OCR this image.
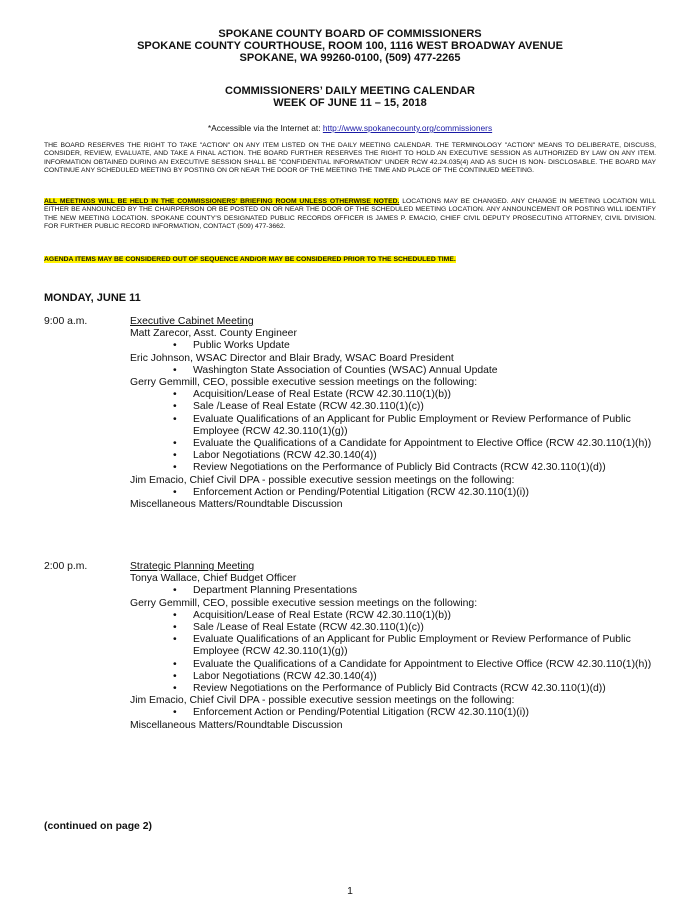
SPOKANE COUNTY BOARD OF COMMISSIONERS
SPOKANE COUNTY COURTHOUSE, ROOM 100, 1116 WEST BROADWAY AVENUE
SPOKANE, WA 99260-0100, (509) 477-2265
COMMISSIONERS’ DAILY MEETING CALENDAR
WEEK OF JUNE 11 – 15, 2018
*Accessible via the Internet at: http://www.spokanecounty.org/commissioners
THE BOARD RESERVES THE RIGHT TO TAKE "ACTION" ON ANY ITEM LISTED ON THE DAILY MEETING CALENDAR. THE TERMINOLOGY "ACTION" MEANS TO DELIBERATE, DISCUSS, CONSIDER, REVIEW, EVALUATE, AND TAKE A FINAL ACTION. THE BOARD FURTHER RESERVES THE RIGHT TO HOLD AN EXECUTIVE SESSION AS AUTHORIZED BY LAW ON ANY ITEM. INFORMATION OBTAINED DURING AN EXECUTIVE SESSION SHALL BE "CONFIDENTIAL INFORMATION" UNDER RCW 42.24.035(4) AND AS SUCH IS NON- DISCLOSABLE. THE BOARD MAY CONTINUE ANY SCHEDULED MEETING BY POSTING ON OR NEAR THE DOOR OF THE MEETING THE TIME AND PLACE OF THE CONTINUED MEETING.
ALL MEETINGS WILL BE HELD IN THE COMMISSIONERS’ BRIEFING ROOM UNLESS OTHERWISE NOTED. LOCATIONS MAY BE CHANGED. ANY CHANGE IN MEETING LOCATION WILL EITHER BE ANNOUNCED BY THE CHAIRPERSON OR BE POSTED ON OR NEAR THE DOOR OF THE SCHEDULED MEETING LOCATION. ANY ANNOUNCEMENT OR POSTING WILL IDENTIFY THE NEW MEETING LOCATION. SPOKANE COUNTY’S DESIGNATED PUBLIC RECORDS OFFICER IS JAMES P. EMACIO, CHIEF CIVIL DEPUTY PROSECUTING ATTORNEY, CIVIL DIVISION. FOR FURTHER PUBLIC RECORD INFORMATION, CONTACT (509) 477-3662.
AGENDA ITEMS MAY BE CONSIDERED OUT OF SEQUENCE AND/OR MAY BE CONSIDERED PRIOR TO THE SCHEDULED TIME.
MONDAY, JUNE 11
9:00 a.m.	Executive Cabinet Meeting
Matt Zarecor, Asst. County Engineer
• Public Works Update
Eric Johnson, WSAC Director and Blair Brady, WSAC Board President
• Washington State Association of Counties (WSAC) Annual Update
Gerry Gemmill, CEO, possible executive session meetings on the following:
• Acquisition/Lease of Real Estate (RCW 42.30.110(1)(b))
• Sale /Lease of Real Estate (RCW 42.30.110(1)(c))
• Evaluate Qualifications of an Applicant for Public Employment or Review Performance of Public Employee (RCW 42.30.110(1)(g))
• Evaluate the Qualifications of a Candidate for Appointment to Elective Office (RCW 42.30.110(1)(h))
• Labor Negotiations (RCW 42.30.140(4))
• Review Negotiations on the Performance of Publicly Bid Contracts (RCW 42.30.110(1)(d))
Jim Emacio, Chief Civil DPA - possible executive session meetings on the following:
• Enforcement Action or Pending/Potential Litigation (RCW 42.30.110(1)(i))
Miscellaneous Matters/Roundtable Discussion
2:00 p.m.	Strategic Planning Meeting
Tonya Wallace, Chief Budget Officer
• Department Planning Presentations
Gerry Gemmill, CEO, possible executive session meetings on the following:
• Acquisition/Lease of Real Estate (RCW 42.30.110(1)(b))
• Sale /Lease of Real Estate (RCW 42.30.110(1)(c))
• Evaluate Qualifications of an Applicant for Public Employment or Review Performance of Public Employee (RCW 42.30.110(1)(g))
• Evaluate the Qualifications of a Candidate for Appointment to Elective Office (RCW 42.30.110(1)(h))
• Labor Negotiations (RCW 42.30.140(4))
• Review Negotiations on the Performance of Publicly Bid Contracts (RCW 42.30.110(1)(d))
Jim Emacio, Chief Civil DPA - possible executive session meetings on the following:
• Enforcement Action or Pending/Potential Litigation (RCW 42.30.110(1)(i))
Miscellaneous Matters/Roundtable Discussion
(continued on page 2)
1
